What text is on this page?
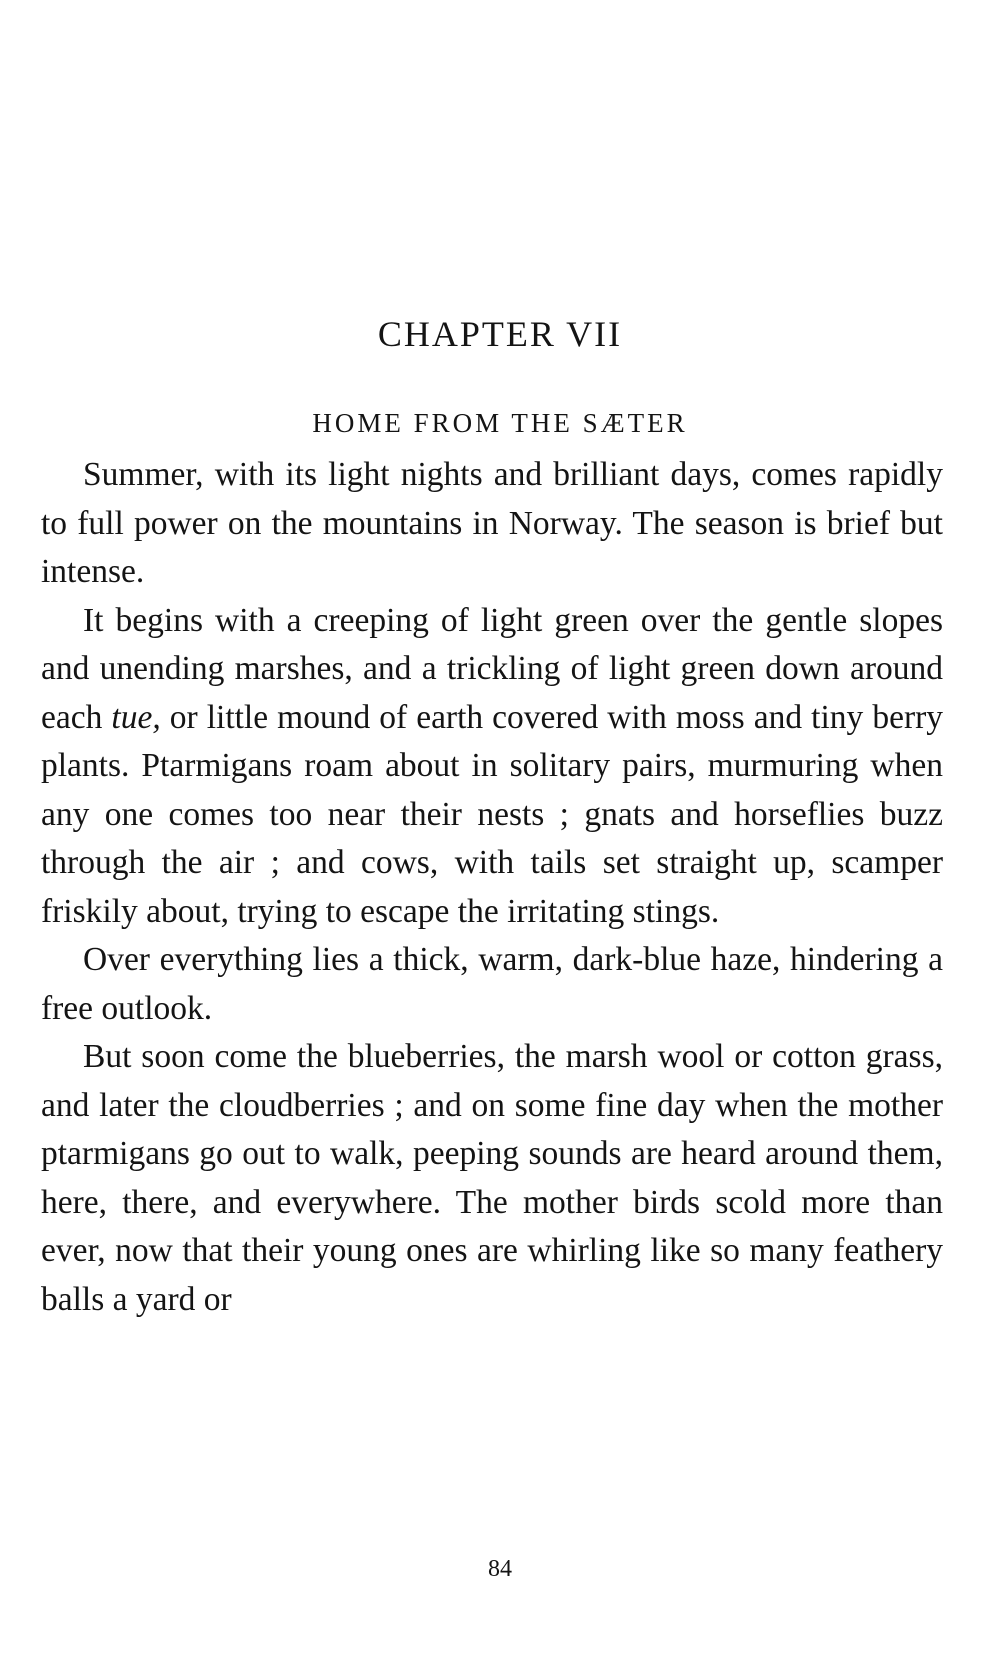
CHAPTER VII
HOME FROM THE SÆTER

Summer, with its light nights and brilliant days, comes rapidly to full power on the mountains in Norway. The season is brief but intense.

It begins with a creeping of light green over the gentle slopes and unending marshes, and a trickling of light green down around each tue, or little mound of earth covered with moss and tiny berry plants. Ptarmigans roam about in solitary pairs, murmuring when any one comes too near their nests ; gnats and horseflies buzz through the air ; and cows, with tails set straight up, scamper friskily about, trying to escape the irritating stings.

Over everything lies a thick, warm, dark-blue haze, hindering a free outlook.

But soon come the blueberries, the marsh wool or cotton grass, and later the cloudberries ; and on some fine day when the mother ptarmigans go out to walk, peeping sounds are heard around them, here, there, and everywhere. The mother birds scold more than ever, now that their young ones are whirling like so many feathery balls a yard or

84
